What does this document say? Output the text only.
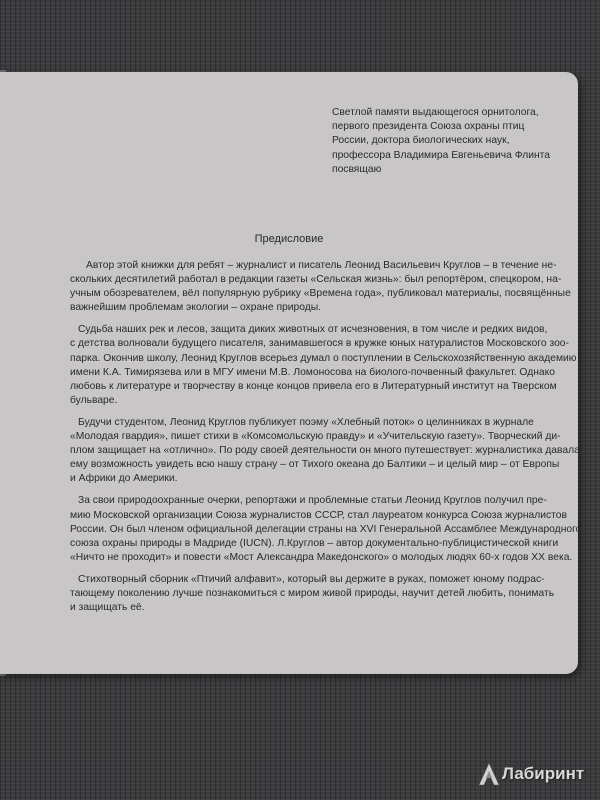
Светлой памяти выдающегося орнитолога,
первого президента Союза охраны птиц
России, доктора биологических наук,
профессора Владимира Евгеньевича Флинта
посвящаю
Предисловие
Автор этой книжки для ребят – журналист и писатель Леонид Васильевич Круглов – в течение не-
скольких десятилетий работал в редакции газеты «Сельская жизнь»: был репортёром, спецкором, на-
учным обозревателем, вёл популярную рубрику «Времена года», публиковал материалы, посвящённые
важнейшим проблемам экологии – охране природы.
Судьба наших рек и лесов, защита диких животных от исчезновения, в том числе и редких видов,
с детства волновали будущего писателя, занимавшегося в кружке юных натуралистов Московского зоо-
парка. Окончив школу, Леонид Круглов всерьез думал о поступлении в Сельскохозяйственную академию
имени К.А. Тимирязева или в МГУ имени М.В. Ломоносова на биолого-почвенный факультет. Однако
любовь к литературе и творчеству в конце концов привела его в Литературный институт на Тверском
бульваре.
Будучи студентом, Леонид Круглов публикует поэму «Хлебный поток» о целинниках в журнале
«Молодая гвардия», пишет стихи в «Комсомольскую правду» и «Учительскую газету». Творческий ди-
плом защищает на «отлично». По роду своей деятельности он много путешествует: журналистика давала
ему возможность увидеть всю нашу страну – от Тихого океана до Балтики – и целый мир – от Европы
и Африки до Америки.
За свои природоохранные очерки, репортажи и проблемные статьи Леонид Круглов получил пре-
мию Московской организации Союза журналистов СССР, стал лауреатом конкурса Союза журналистов
России. Он был членом официальной делегации страны на XVI Генеральной Ассамблее Международного
союза охраны природы в Мадриде (IUCN). Л.Круглов – автор документально-публицистической книги
«Ничто не проходит» и повести «Мост Александра Македонского» о молодых людях 60-х годов XX века.
Стихотворный сборник «Птичий алфавит», который вы держите в руках, поможет юному подрас-
тающему поколению лучше познакомиться с миром живой природы, научит детей любить, понимать
и защищать её.
Лабиринт
